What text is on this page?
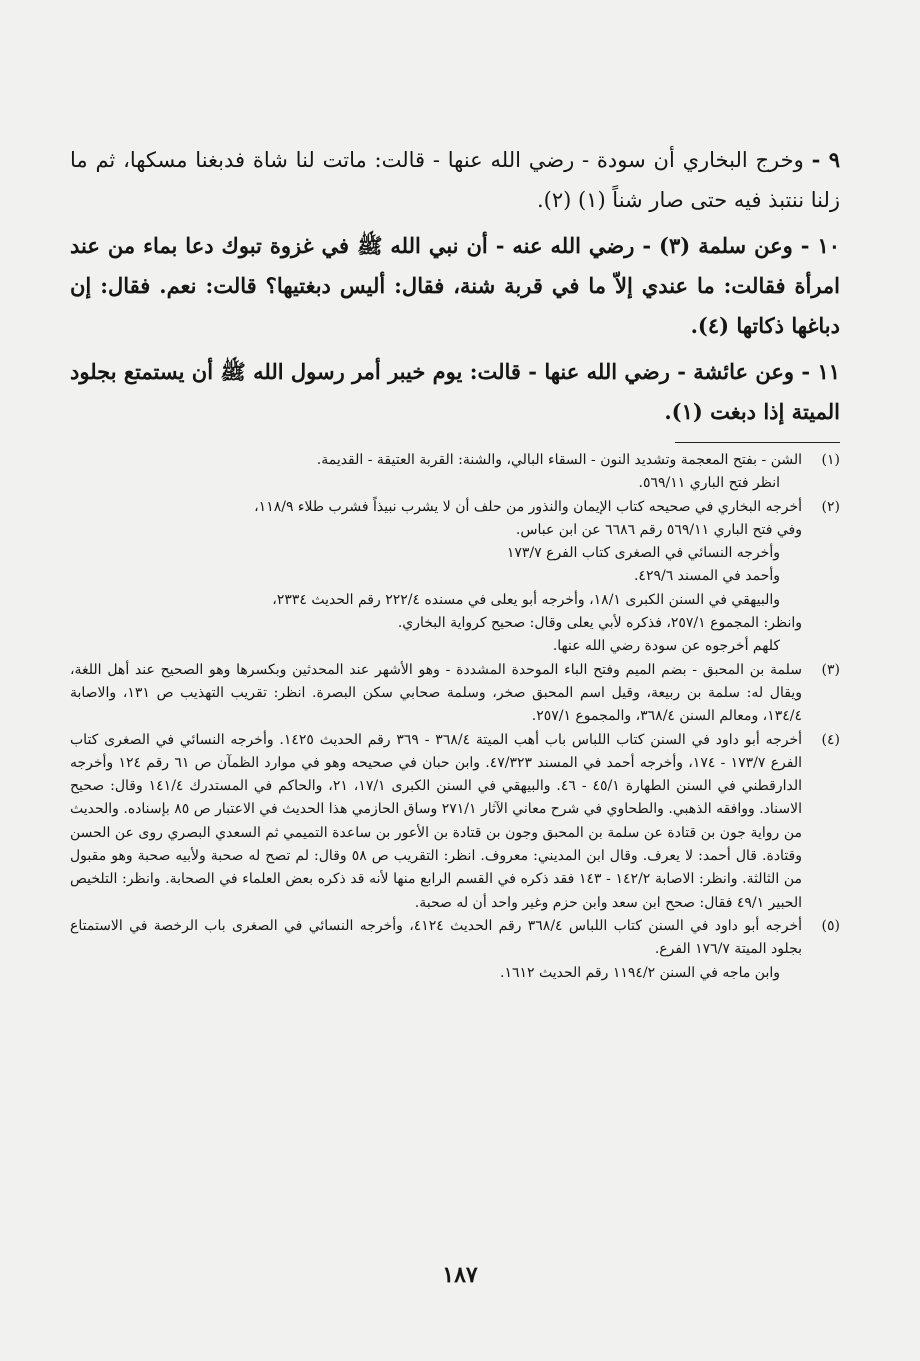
٩ - وخرج البخاري أن سودة - رضي الله عنها - قالت: ماتت لنا شاة فدبغنا مسكها، ثم ما زلنا ننتبذ فيه حتى صار شناً (١) (٢).

١٠ - وعن سلمة (٣) - رضي الله عنه - أن نبي الله ﷺ في غزوة تبوك دعا بماء من عند امرأة فقالت: ما عندي إلاّ ما في قربة شنة، فقال: أليس دبغتيها؟ قالت: نعم. فقال: إن دباغها ذكاتها (٤).

١١ - وعن عائشة - رضي الله عنها - قالت: يوم خيبر أمر رسول الله ﷺ أن يستمتع بجلود الميتة إذا دبغت (١).

(١)

الشن - بفتح المعجمة وتشديد النون - السقاء البالي، والشنة: القربة العتيقة - القديمة.

انظر فتح الباري ٥٦٩/١١.

(٢)

أخرجه البخاري في صحيحه كتاب الإيمان والنذور من حلف أن لا يشرب نبيذاً فشرب طلاء ١١٨/٩،

وفي فتح الباري ٥٦٩/١١ رقم ٦٦٨٦ عن ابن عباس.

وأخرجه النسائي في الصغرى كتاب الفرع ١٧٣/٧

وأحمد في المسند ٤٢٩/٦.

والبيهقي في السنن الكبرى ١٨/١، وأخرجه أبو يعلى في مسنده ٢٢٢/٤ رقم الحديث ٢٣٣٤،

وانظر: المجموع ٢٥٧/١، فذكره لأبي يعلى وقال: صحيح كرواية البخاري.

كلهم أخرجوه عن سودة رضي الله عنها.

(٣)

سلمة بن المحبق - بضم الميم وفتح الباء الموحدة المشددة - وهو الأشهر عند المحدثين وبكسرها وهو الصحيح عند أهل اللغة، ويقال له: سلمة بن ربيعة، وقيل اسم المحبق صخر، وسلمة صحابي سكن البصرة. انظر: تقريب التهذيب ص ١٣١، والاصابة ١٣٤/٤، ومعالم السنن ٣٦٨/٤، والمجموع ٢٥٧/١.

(٤)

أخرجه أبو داود في السنن كتاب اللباس باب أهب الميتة ٣٦٨/٤ - ٣٦٩ رقم الحديث ١٤٢٥. وأخرجه النسائي في الصغرى كتاب الفرع ١٧٣/٧ - ١٧٤، وأخرجه أحمد في المسند ٤٧/٣٢٣. وابن حبان في صحيحه وهو في موارد الظمآن ص ٦١ رقم ١٢٤ وأخرجه الدارقطني في السنن الطهارة ٤٥/١ - ٤٦. والبيهقي في السنن الكبرى ١٧/١، ٢١، والحاكم في المستدرك ١٤١/٤ وقال: صحيح الاسناد. ووافقه الذهبي. والطحاوي في شرح معاني الآثار ٢٧١/١ وساق الحازمي هذا الحديث في الاعتبار ص ٨٥ بإسناده. والحديث من رواية جون بن قتادة عن سلمة بن المحبق وجون بن قتادة بن الأعور بن ساعدة التميمي ثم السعدي البصري روى عن الحسن وقتادة. قال أحمد: لا يعرف. وقال ابن المديني: معروف. انظر: التقريب ص ٥٨ وقال: لم تصح له صحبة ولأبيه صحبة وهو مقبول من الثالثة. وانظر: الاصابة ١٤٢/٢ - ١٤٣ فقد ذكره في القسم الرابع منها لأنه قد ذكره بعض العلماء في الصحابة. وانظر: التلخيص الحبير ٤٩/١ فقال: صحح ابن سعد وابن حزم وغير واحد أن له صحبة.

(٥)

أخرجه أبو داود في السنن كتاب اللباس ٣٦٨/٤ رقم الحديث ٤١٢٤، وأخرجه النسائي في الصغرى باب الرخصة في الاستمتاع بجلود الميتة ١٧٦/٧ الفرع.

وابن ماجه في السنن ١١٩٤/٢ رقم الحديث ١٦١٢.

١٨٧
